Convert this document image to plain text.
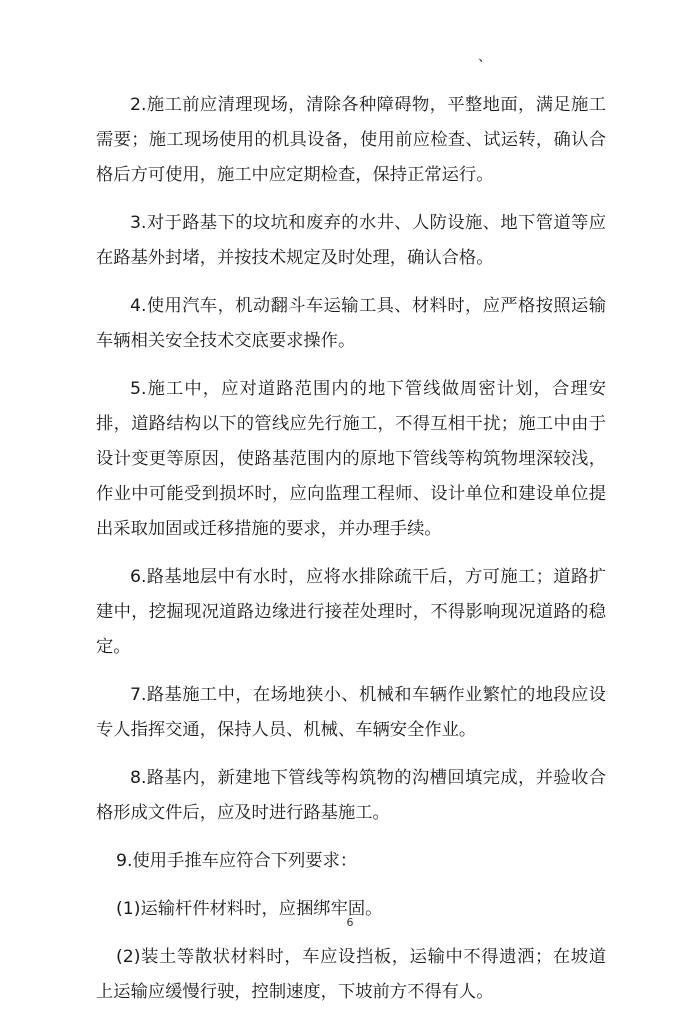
、

2.施工前应清理现场，清除各种障碍物，平整地面，满足施工需要；施工现场使用的机具设备，使用前应检查、试运转，确认合格后方可使用，施工中应定期检查，保持正常运行。

3.对于路基下的坟坑和废弃的水井、人防设施、地下管道等应在路基外封堵，并按技术规定及时处理，确认合格。

4.使用汽车，机动翻斗车运输工具、材料时，应严格按照运输车辆相关安全技术交底要求操作。

5.施工中，应对道路范围内的地下管线做周密计划，合理安排，道路结构以下的管线应先行施工，不得互相干扰；施工中由于设计变更等原因，使路基范围内的原地下管线等构筑物埋深较浅，作业中可能受到损坏时，应向监理工程师、设计单位和建设单位提出采取加固或迁移措施的要求，并办理手续。

6.路基地层中有水时，应将水排除疏干后，方可施工；道路扩建中，挖掘现况道路边缘进行接茬处理时，不得影响现况道路的稳定。

7.路基施工中，在场地狭小、机械和车辆作业繁忙的地段应设专人指挥交通，保持人员、机械、车辆安全作业。

8.路基内，新建地下管线等构筑物的沟槽回填完成，并验收合格形成文件后，应及时进行路基施工。

9.使用手推车应符合下列要求：

(1)运输杆件材料时，应捆绑牢固。

(2)装土等散状材料时，车应设挡板，运输中不得遗洒；在坡道上运输应缓慢行驶，控制速度，下坡前方不得有人。

6
